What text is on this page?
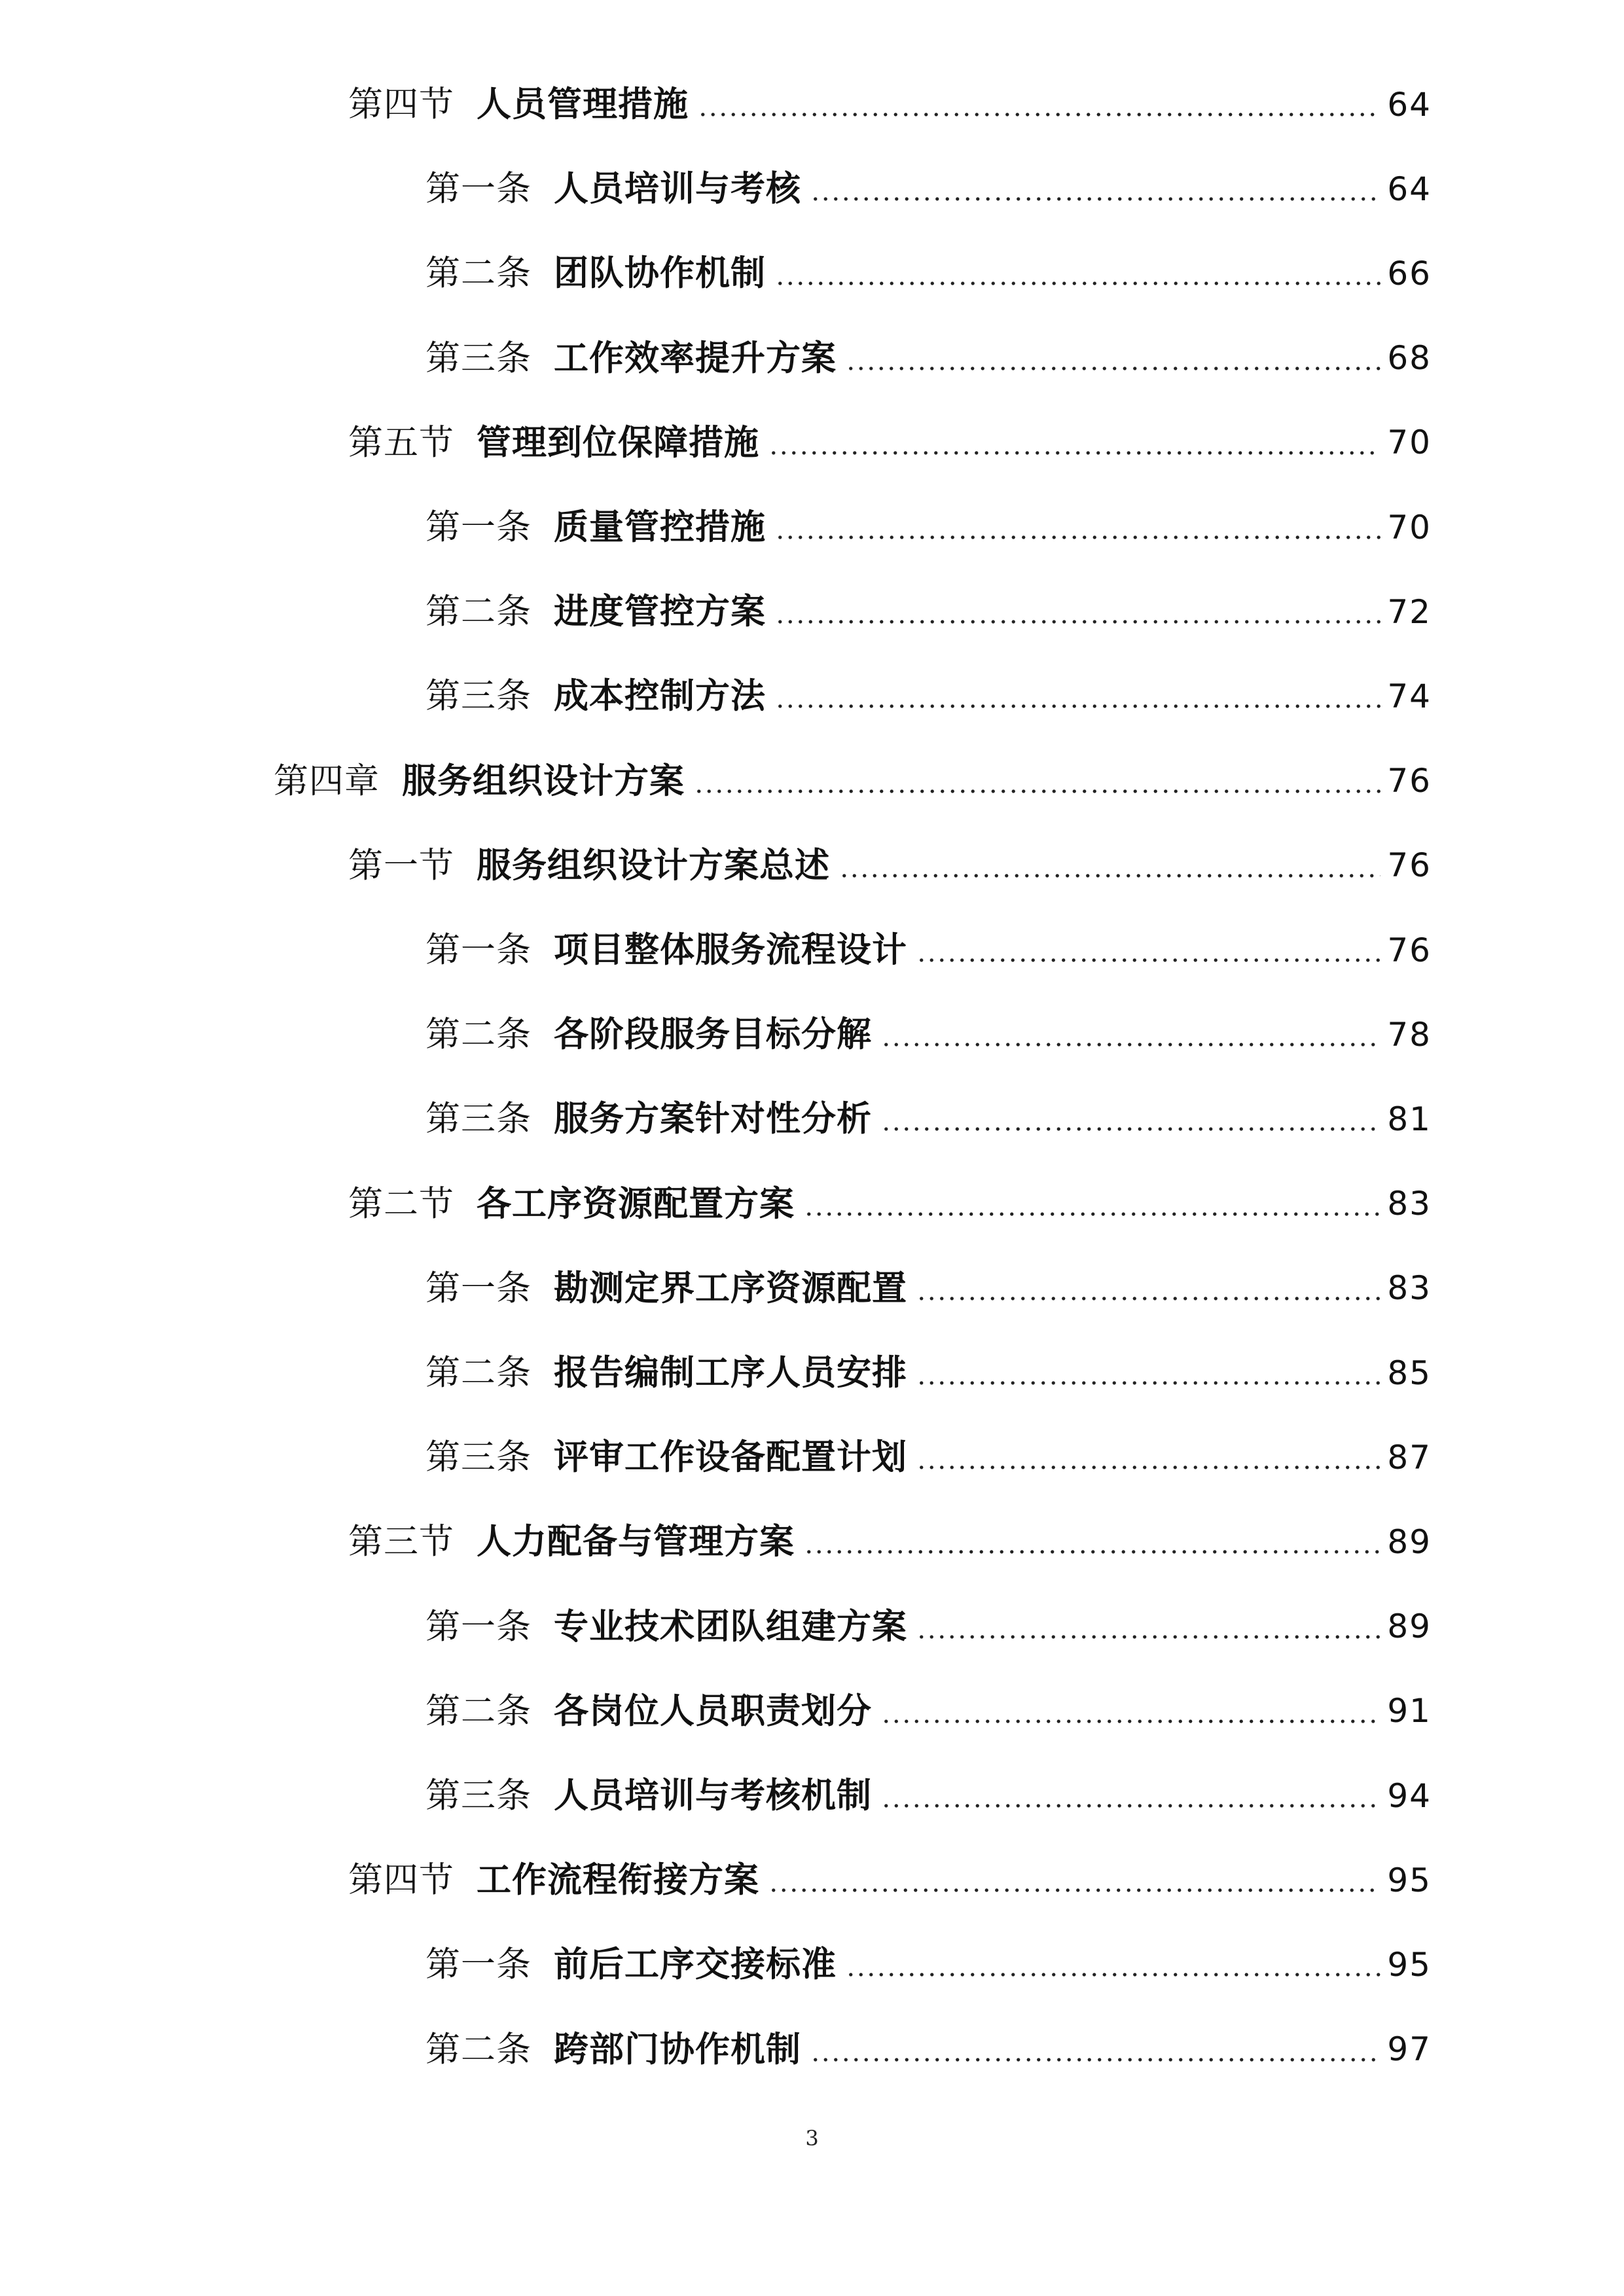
第四节 人员管理措施	64
第一条 人员培训与考核	64
第二条 团队协作机制	66
第三条 工作效率提升方案	68
第五节 管理到位保障措施	70
第一条 质量管控措施	70
第二条 进度管控方案	72
第三条 成本控制方法	74
第四章 服务组织设计方案	76
第一节 服务组织设计方案总述	76
第一条 项目整体服务流程设计	76
第二条 各阶段服务目标分解	78
第三条 服务方案针对性分析	81
第二节 各工序资源配置方案	83
第一条 勘测定界工序资源配置	83
第二条 报告编制工序人员安排	85
第三条 评审工作设备配置计划	87
第三节 人力配备与管理方案	89
第一条 专业技术团队组建方案	89
第二条 各岗位人员职责划分	91
第三条 人员培训与考核机制	94
第四节 工作流程衔接方案	95
第一条 前后工序交接标准	95
第二条 跨部门协作机制	97
3
